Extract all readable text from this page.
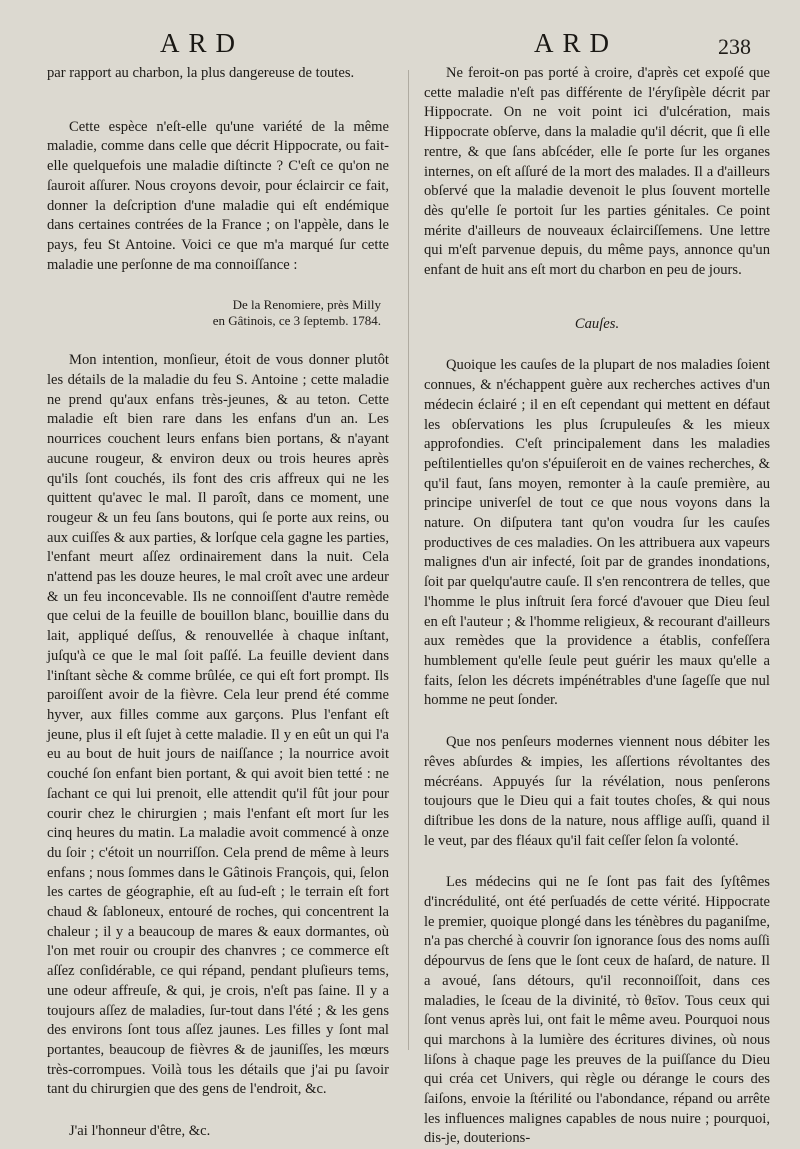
ARD	ARD	238

par rapport au charbon, la plus dangereuse de toutes.

Cette espèce n'eſt-elle qu'une variété de la même maladie, comme dans celle que décrit Hippocrate, ou fait-elle quelquefois une maladie diſtincte ? C'eſt ce qu'on ne ſauroit aſſurer. Nous croyons devoir, pour éclaircir ce fait, donner la deſcription d'une maladie qui eſt endémique dans certaines contrées de la France ; on l'appèle, dans le pays, feu St Antoine. Voici ce que m'a marqué ſur cette maladie une perſonne de ma connoiſſance :

De la Renomiere, près Milly

en Gâtinois, ce 3 ſeptemb. 1784.

Mon intention, monſieur, étoit de vous donner plutôt les détails de la maladie du feu S. Antoine ; cette maladie ne prend qu'aux enfans très-jeunes, & au teton. Cette maladie eſt bien rare dans les enfans d'un an. Les nourrices couchent leurs enfans bien portans, & n'ayant aucune rougeur, & environ deux ou trois heures après qu'ils ſont couchés, ils font des cris affreux qui ne les quittent qu'avec le mal. Il paroît, dans ce moment, une rougeur & un feu ſans boutons, qui ſe porte aux reins, ou aux cuiſſes & aux parties, & lorſque cela gagne les parties, l'enfant meurt aſſez ordinairement dans la nuit. Cela n'attend pas les douze heures, le mal croît avec une ardeur & un feu inconcevable. Ils ne connoiſſent d'autre remède que celui de la feuille de bouillon blanc, bouillie dans du lait, appliqué deſſus, & renouvellée à chaque inſtant, juſqu'à ce que le mal ſoit paſſé. La feuille devient dans l'inſtant sèche & comme brûlée, ce qui eſt fort prompt. Ils paroiſſent avoir de la fièvre. Cela leur prend été comme hyver, aux filles comme aux garçons. Plus l'enfant eſt jeune, plus il eſt ſujet à cette maladie. Il y en eût un qui l'a eu au bout de huit jours de naiſſance ; la nourrice avoit couché ſon enfant bien portant, & qui avoit bien tetté : ne ſachant ce qui lui prenoit, elle attendit qu'il fût jour pour courir chez le chirurgien ; mais l'enfant eſt mort ſur les cinq heures du matin. La maladie avoit commencé à onze du ſoir ; c'étoit un nourriſſon. Cela prend de même à leurs enfans ; nous ſommes dans le Gâtinois François, qui, ſelon les cartes de géographie, eſt au ſud-eſt ; le terrain eſt fort chaud & ſabloneux, entouré de roches, qui concentrent la chaleur ; il y a beaucoup de mares & eaux dormantes, où l'on met rouir ou croupir des chanvres ; ce commerce eſt aſſez conſidérable, ce qui répand, pendant pluſieurs tems, une odeur affreuſe, & qui, je crois, n'eſt pas ſaine. Il y a toujours aſſez de maladies, ſur-tout dans l'été ; & les gens des environs ſont tous aſſez jaunes. Les filles y ſont mal portantes, beaucoup de fièvres & de jauniſſes, les mœurs très-corrompues. Voilà tous les détails que j'ai pu ſavoir tant du chirurgien que des gens de l'endroit, &c.

J'ai l'honneur d'être, &c.

Ne feroit-on pas porté à croire, d'après cet expoſé que cette maladie n'eſt pas différente de l'éryſipèle décrit par Hippocrate. On ne voit point ici d'ulcération, mais Hippocrate obſerve, dans la maladie qu'il décrit, que ſi elle rentre, & que ſans abſcéder, elle ſe porte ſur les organes internes, on eſt aſſuré de la mort des malades. Il a d'ailleurs obſervé que la maladie devenoit le plus ſouvent mortelle dès qu'elle ſe portoit ſur les parties génitales. Ce point mérite d'ailleurs de nouveaux éclairciſſemens. Une lettre qui m'eſt parvenue depuis, du même pays, annonce qu'un enfant de huit ans eſt mort du charbon en peu de jours.

Cauſes.

Quoique les cauſes de la plupart de nos maladies ſoient connues, & n'échappent guère aux recherches actives d'un médecin éclairé ; il en eſt cependant qui mettent en défaut les obſervations les plus ſcrupuleuſes & les mieux approfondies. C'eſt principalement dans les maladies peſtilentielles qu'on s'épuiſeroit en de vaines recherches, & qu'il faut, ſans moyen, remonter à la cauſe première, au principe univerſel de tout ce que nous voyons dans la nature. On diſputera tant qu'on voudra ſur les cauſes productives de ces maladies. On les attribuera aux vapeurs malignes d'un air infecté, ſoit par de grandes inondations, ſoit par quelqu'autre cauſe. Il s'en rencontrera de telles, que l'homme le plus inſtruit ſera forcé d'avouer que Dieu ſeul en eſt l'auteur ; & l'homme religieux, & recourant d'ailleurs aux remèdes que la providence a établis, confeſſera humblement qu'elle ſeule peut guérir les maux qu'elle a faits, ſelon les décrets impénétrables d'une ſageſſe que nul homme ne peut ſonder.

Que nos penſeurs modernes viennent nous débiter les rêves abſurdes & impies, les aſſertions révoltantes des mécréans. Appuyés ſur la révélation, nous penſerons toujours que le Dieu qui a fait toutes choſes, & qui nous diſtribue les dons de la nature, nous afflige auſſi, quand il le veut, par des fléaux qu'il fait ceſſer ſelon ſa volonté.

Les médecins qui ne ſe ſont pas fait des ſyſtêmes d'incrédulité, ont été perſuadés de cette vérité. Hippocrate le premier, quoique plongé dans les ténèbres du paganiſme, n'a pas cherché à couvrir ſon ignorance ſous des noms auſſi dépourvus de ſens que le ſont ceux de haſard, de nature. Il a avoué, ſans détours, qu'il reconnoiſſoit, dans ces maladies, le ſceau de la divinité, τὸ θεῖον. Tous ceux qui ſont venus après lui, ont fait le même aveu. Pourquoi nous qui marchons à la lumière des écritures divines, où nous liſons à chaque page les preuves de la puiſſance du Dieu qui créa cet Univers, qui règle ou dérange le cours des ſaiſons, envoie la ſtérilité ou l'abondance, répand ou arrête les influences malignes capables de nous nuire ; pourquoi, dis-je, douterions-
